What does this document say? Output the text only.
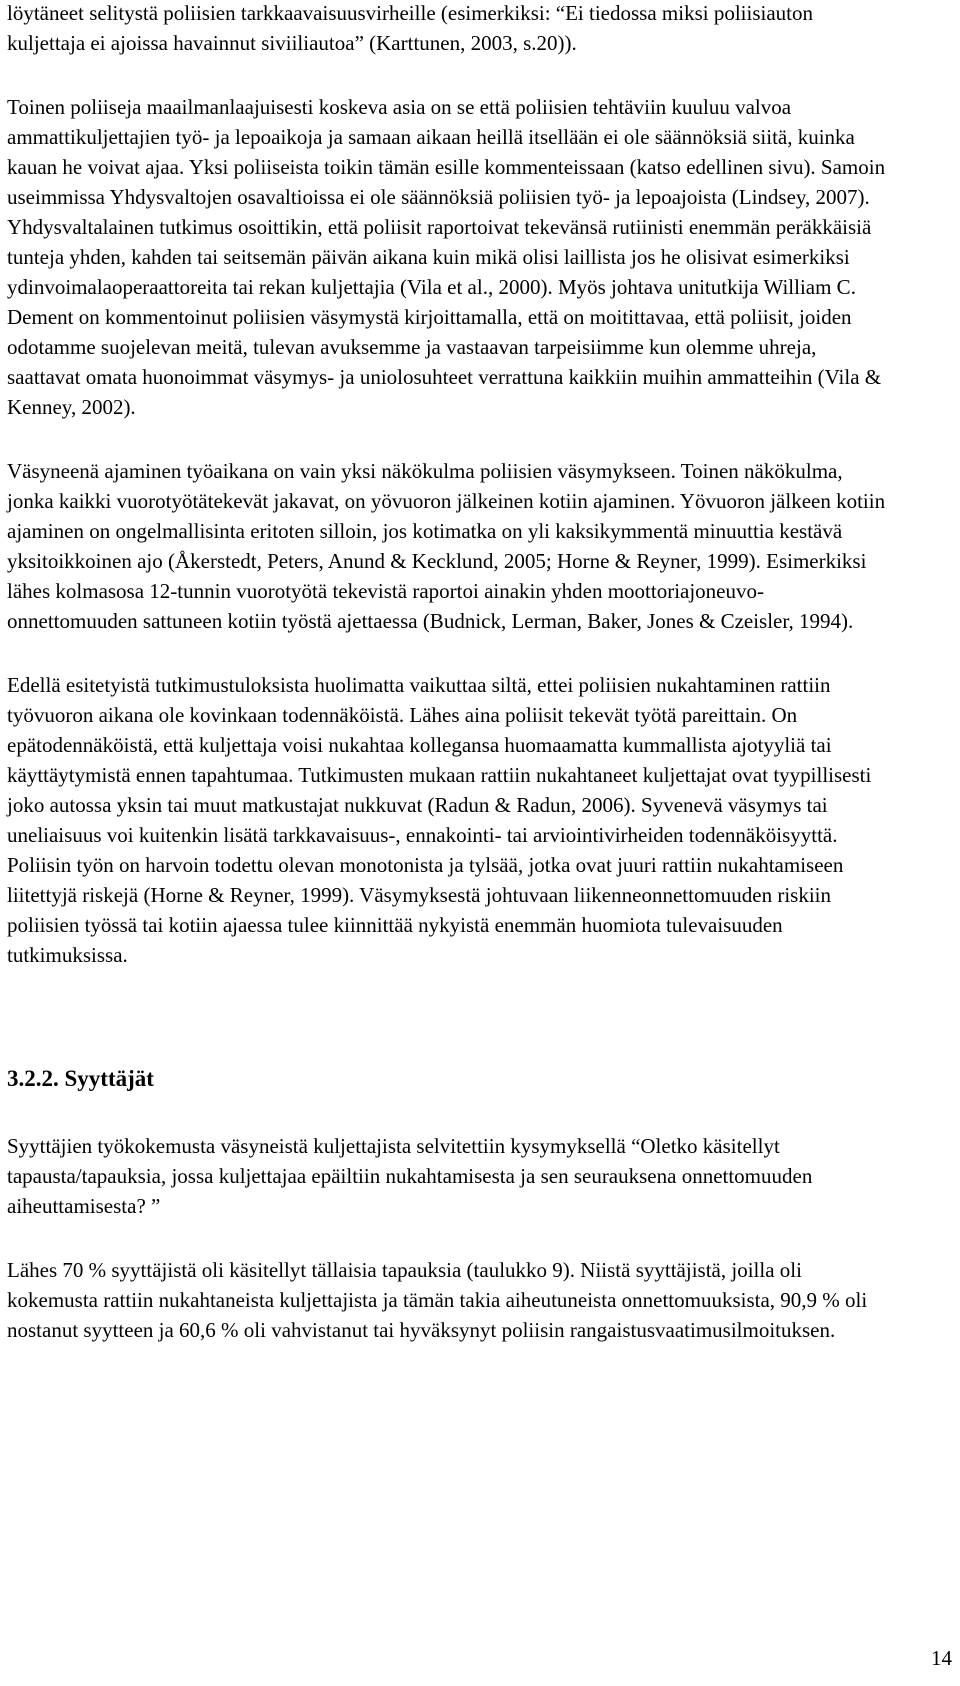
löytäneet selitystä poliisien tarkkaavaisuusvirheille (esimerkiksi: “Ei tiedossa miksi poliisiauton kuljettaja ei ajoissa havainnut siviiliautoa” (Karttunen, 2003, s.20)).

Toinen poliiseja maailmanlaajuisesti koskeva asia on se että poliisien tehtäviin kuuluu valvoa ammattikuljettajien työ- ja lepoaikoja ja samaan aikaan heillä itsellään ei ole säännöksiä siitä, kuinka kauan he voivat ajaa. Yksi poliiseista toikin tämän esille kommenteissaan (katso edellinen sivu). Samoin useimmissa Yhdysvaltojen osavaltioissa ei ole säännöksiä poliisien työ- ja lepoajoista (Lindsey, 2007). Yhdysvaltalainen tutkimus osoittikin, että poliisit raportoivat tekevänsä rutiinisti enemmän peräkkäisiä tunteja yhden, kahden tai seitsemän päivän aikana kuin mikä olisi laillista jos he olisivat esimerkiksi ydinvoimalaoperaattoreita tai rekan kuljettajia (Vila et al., 2000). Myös johtava unitutkija William C. Dement on kommentoinut poliisien väsymystä kirjoittamalla, että on moitittavaa, että poliisit, joiden odotamme suojelevan meitä, tulevan avuksemme ja vastaavan tarpeisiimme kun olemme uhreja, saattavat omata huonoimmat väsymys- ja uniolosuhteet verrattuna kaikkiin muihin ammatteihin (Vila & Kenney, 2002).

Väsyneenä ajaminen työaikana on vain yksi näkökulma poliisien väsymykseen. Toinen näkökulma, jonka kaikki vuorotyötätekevät jakavat, on yövuoron jälkeinen kotiin ajaminen. Yövuoron jälkeen kotiin ajaminen on ongelmallisinta eritoten silloin, jos kotimatka on yli kaksikymmentä minuuttia kestävä yksitoikkoinen ajo (Åkerstedt, Peters, Anund & Kecklund, 2005; Horne & Reyner, 1999). Esimerkiksi lähes kolmasosa 12-tunnin vuorotyötä tekevistä raportoi ainakin yhden moottoriajoneuvo-onnettomuuden sattuneen kotiin työstä ajettaessa (Budnick, Lerman, Baker, Jones & Czeisler, 1994).

Edellä esitetyistä tutkimustuloksista huolimatta vaikuttaa siltä, ettei poliisien nukahtaminen rattiin työvuoron aikana ole kovinkaan todennäköistä. Lähes aina poliisit tekevät työtä pareittain. On epätodennäköistä, että kuljettaja voisi nukahtaa kollegansa huomaamatta kummallista ajotyyliä tai käyttäytymistä ennen tapahtumaa. Tutkimusten mukaan rattiin nukahtaneet kuljettajat ovat tyypillisesti joko autossa yksin tai muut matkustajat nukkuvat (Radun & Radun, 2006). Syvenevä väsymys tai uneliaisuus voi kuitenkin lisätä tarkkavaisuus-, ennakointi- tai arviointivirheiden todennäköisyyttä. Poliisin työn on harvoin todettu olevan monotonista ja tylsää, jotka ovat juuri rattiin nukahtamiseen liitettyjä riskejä (Horne & Reyner, 1999). Väsymyksestä johtuvaan liikenneonnettomuuden riskiin poliisien työssä tai kotiin ajaessa tulee kiinnittää nykyistä enemmän huomiota tulevaisuuden tutkimuksissa.

3.2.2. Syyttäjät

Syyttäjien työkokemusta väsyneistä kuljettajista selvitettiin kysymyksellä “Oletko käsitellyt tapausta/tapauksia, jossa kuljettajaa epäiltiin nukahtamisesta ja sen seurauksena onnettomuuden aiheuttamisesta? ”

Lähes 70 % syyttäjistä oli käsitellyt tällaisia tapauksia (taulukko 9). Niistä syyttäjistä, joilla oli kokemusta rattiin nukahtaneista kuljettajista ja tämän takia aiheutuneista onnettomuuksista, 90,9 % oli nostanut syytteen ja 60,6 % oli vahvistanut tai hyväksynyt poliisin rangaistusvaatimusilmoituksen.

14
